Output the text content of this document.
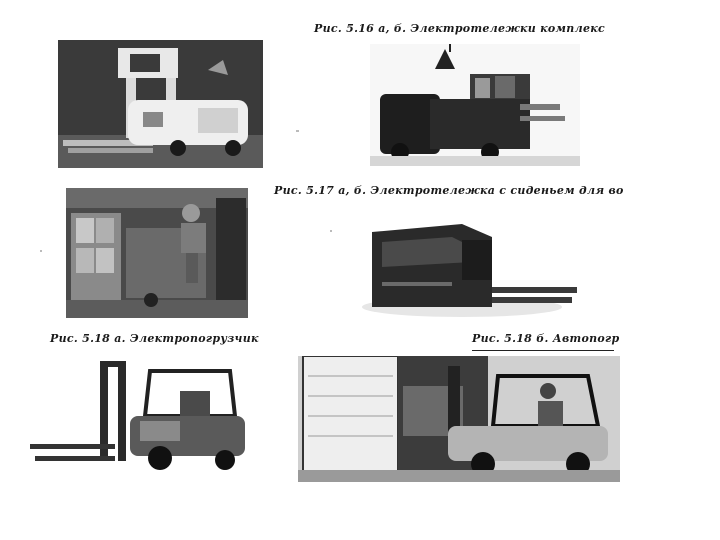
Рис. 5.16 а, б. Электротележки комплекс

Рис. 5.17 а, б. Электротележка с сиденьем для во

Рис. 5.18 а. Электропогрузчик	Рис. 5.18 б. Автопогр
